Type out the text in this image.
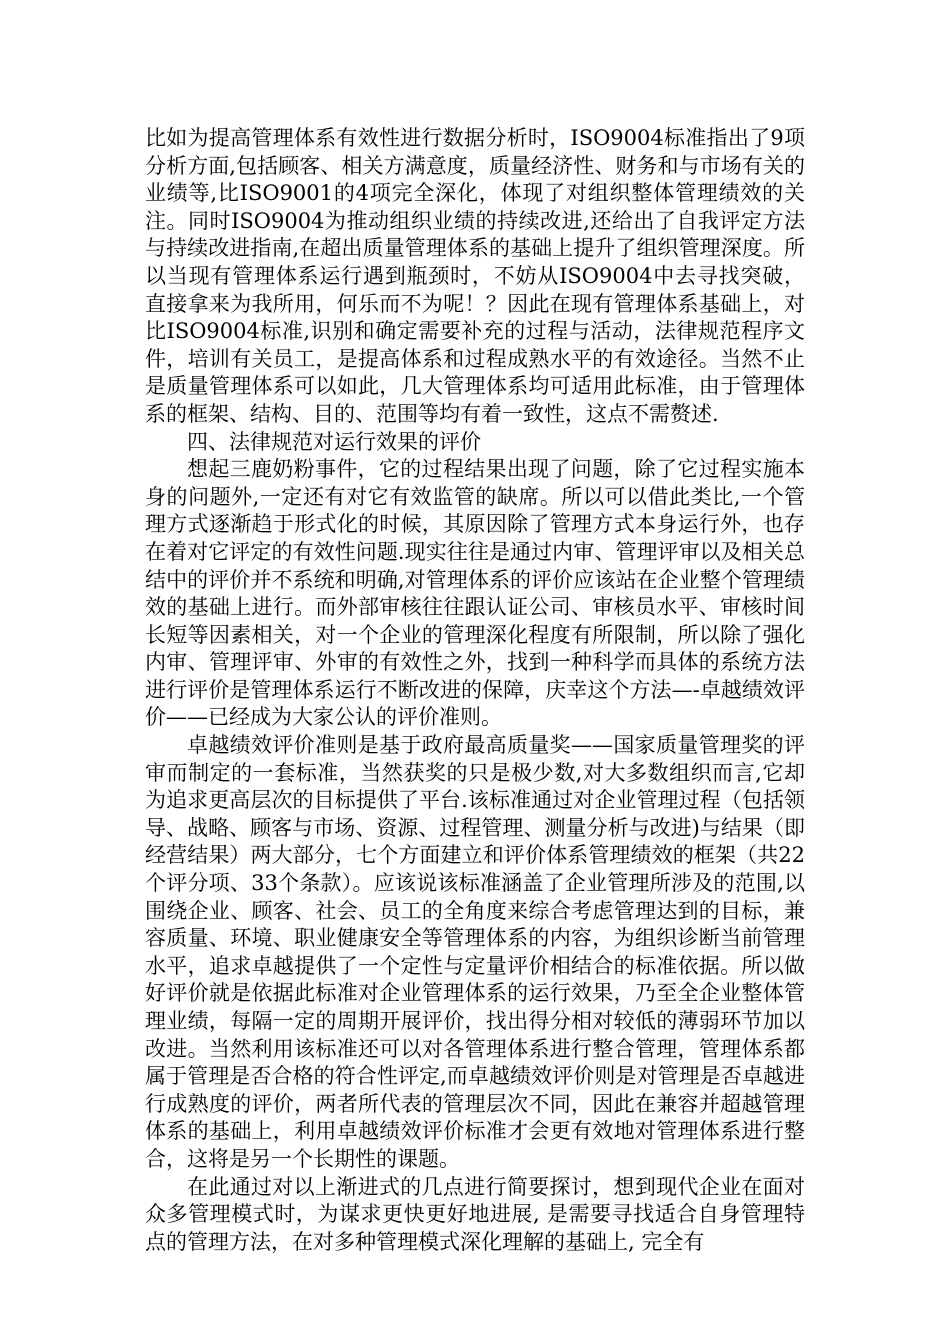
比如为提高管理体系有效性进行数据分析时，ISO9004标准指出了9项分析方面,包括顾客、相关方满意度，质量经济性、财务和与市场有关的业绩等,比ISO9001的4项完全深化，体现了对组织整体管理绩效的关注。同时ISO9004为推动组织业绩的持续改进,还给出了自我评定方法与持续改进指南,在超出质量管理体系的基础上提升了组织管理深度。所以当现有管理体系运行遇到瓶颈时，不妨从ISO9004中去寻找突破，直接拿来为我所用，何乐而不为呢！？因此在现有管理体系基础上，对比ISO9004标准,识别和确定需要补充的过程与活动，法律规范程序文件，培训有关员工，是提高体系和过程成熟水平的有效途径。当然不止是质量管理体系可以如此，几大管理体系均可适用此标准，由于管理体系的框架、结构、目的、范围等均有着一致性，这点不需赘述.

四、法律规范对运行效果的评价

想起三鹿奶粉事件，它的过程结果出现了问题，除了它过程实施本身的问题外,一定还有对它有效监管的缺席。所以可以借此类比,一个管理方式逐渐趋于形式化的时候，其原因除了管理方式本身运行外，也存在着对它评定的有效性问题.现实往往是通过内审、管理评审以及相关总结中的评价并不系统和明确,对管理体系的评价应该站在企业整个管理绩效的基础上进行。而外部审核往往跟认证公司、审核员水平、审核时间长短等因素相关，对一个企业的管理深化程度有所限制，所以除了强化内审、管理评审、外审的有效性之外，找到一种科学而具体的系统方法进行评价是管理体系运行不断改进的保障，庆幸这个方法—-卓越绩效评价——已经成为大家公认的评价准则。

卓越绩效评价准则是基于政府最高质量奖——国家质量管理奖的评审而制定的一套标准，当然获奖的只是极少数,对大多数组织而言,它却为追求更高层次的目标提供了平台.该标准通过对企业管理过程（包括领导、战略、顾客与市场、资源、过程管理、测量分析与改进)与结果（即经营结果）两大部分，七个方面建立和评价体系管理绩效的框架（共22个评分项、33个条款）。应该说该标准涵盖了企业管理所涉及的范围,以围绕企业、顾客、社会、员工的全角度来综合考虑管理达到的目标，兼容质量、环境、职业健康安全等管理体系的内容，为组织诊断当前管理水平，追求卓越提供了一个定性与定量评价相结合的标准依据。所以做好评价就是依据此标准对企业管理体系的运行效果，乃至全企业整体管理业绩，每隔一定的周期开展评价，找出得分相对较低的薄弱环节加以改进。当然利用该标准还可以对各管理体系进行整合管理，管理体系都属于管理是否合格的符合性评定,而卓越绩效评价则是对管理是否卓越进行成熟度的评价，两者所代表的管理层次不同，因此在兼容并超越管理体系的基础上，利用卓越绩效评价标准才会更有效地对管理体系进行整合，这将是另一个长期性的课题。

在此通过对以上渐进式的几点进行简要探讨，想到现代企业在面对众多管理模式时，为谋求更快更好地进展, 是需要寻找适合自身管理特点的管理方法，在对多种管理模式深化理解的基础上, 完全有
